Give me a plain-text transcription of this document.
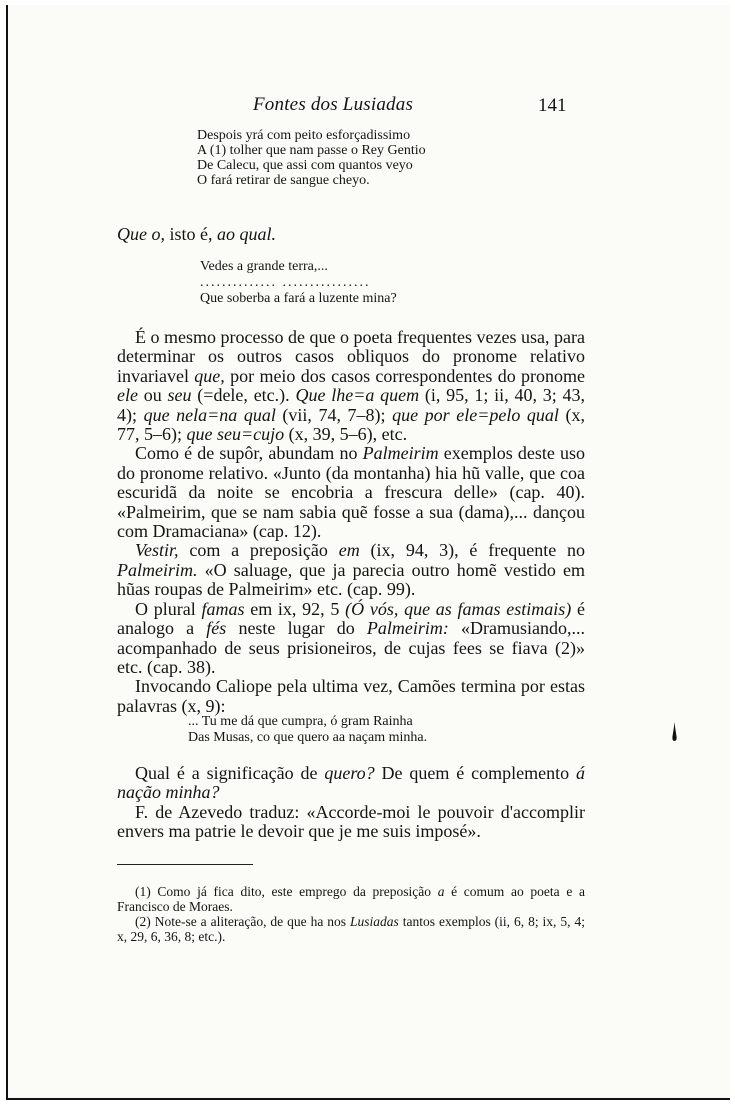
Fontes dos Lusiadas	141
Despois yrá com peito esforçadissimo
A (1) tolher que nam passe o Rey Gentio
De Calecu, que assi com quantos veyo
O fará retirar de sangue cheyo.
Que o, isto é, ao qual.
Vedes a grande terra,...
.............. ................
Que soberba a fará a luzente mina?

É o mesmo processo de que o poeta frequentes vezes usa, para determinar os outros casos obliquos do pronome relativo invariavel que, por meio dos casos correspondentes do pronome ele ou seu (=dele, etc.). Que lhe=a quem (i, 95, 1; ii, 40, 3; 43, 4); que nela=na qual (vii, 74, 7–8); que por ele=pelo qual (x, 77, 5–6); que seu=cujo (x, 39, 5–6), etc.

Como é de supôr, abundam no Palmeirim exemplos deste uso do pronome relativo. «Junto (da montanha) hia hũ valle, que coa escuridã da noite se encobria a frescura delle» (cap. 40). «Palmeirim, que se nam sabia quẽ fosse a sua (dama),... dançou com Dramaciana» (cap. 12).

Vestir, com a preposição em (ix, 94, 3), é frequente no Palmeirim. «O saluage, que ja parecia outro homẽ vestido em hũas roupas de Palmeirim» etc. (cap. 99).

O plural famas em ix, 92, 5 (Ó vós, que as famas estimais) é analogo a fés neste lugar do Palmeirim: «Dramusiando,... acompanhado de seus prisioneiros, de cujas fees se fiava (2)» etc. (cap. 38).

Invocando Caliope pela ultima vez, Camões termina por estas palavras (x, 9):

... Tu me dá que cumpra, ó gram Rainha
Das Musas, co que quero aa naçam minha.

Qual é a significação de quero? De quem é complemento á nação minha?

F. de Azevedo traduz: «Accorde-moi le pouvoir d'accomplir envers ma patrie le devoir que je me suis imposé».

(1) Como já fica dito, este emprego da preposição a é comum ao poeta e a Francisco de Moraes.

(2) Note-se a aliteração, de que ha nos Lusiadas tantos exemplos (ii, 6, 8; ix, 5, 4; x, 29, 6, 36, 8; etc.).
